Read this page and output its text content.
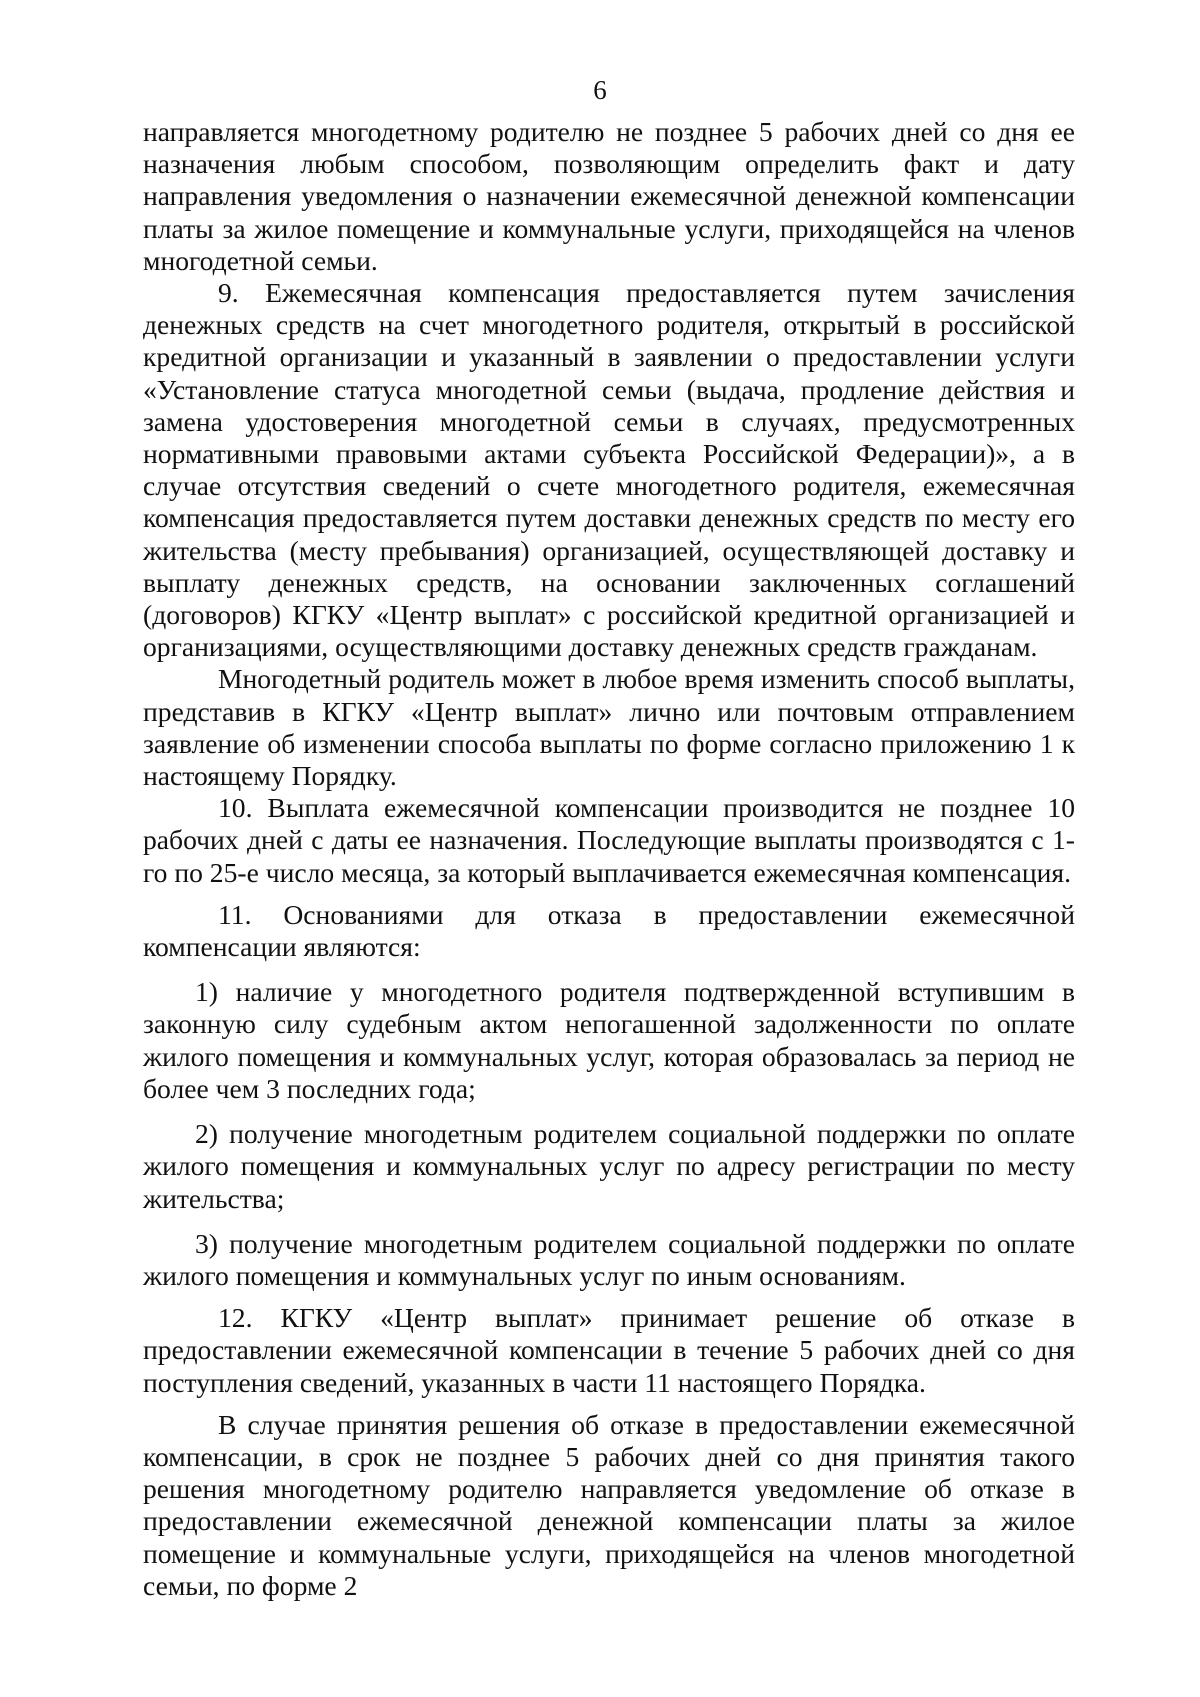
6

направляется многодетному родителю не позднее 5 рабочих дней со дня ее назначения любым способом, позволяющим определить факт и дату направления уведомления о назначении ежемесячной денежной компенсации платы за жилое помещение и коммунальные услуги, приходящейся на членов многодетной семьи.

9. Ежемесячная компенсация предоставляется путем зачисления денежных средств на счет многодетного родителя, открытый в российской кредитной организации и указанный в заявлении о предоставлении услуги «Установление статуса многодетной семьи (выдача, продление действия и замена удостоверения многодетной семьи в случаях, предусмотренных нормативными правовыми актами субъекта Российской Федерации)», а в случае отсутствия сведений о счете многодетного родителя, ежемесячная компенсация предоставляется путем доставки денежных средств по месту его жительства (месту пребывания) организацией, осуществляющей доставку и выплату денежных средств, на основании заключенных соглашений (договоров) КГКУ «Центр выплат» с российской кредитной организацией и организациями, осуществляющими доставку денежных средств гражданам.

Многодетный родитель может в любое время изменить способ выплаты, представив в КГКУ «Центр выплат» лично или почтовым отправлением заявление об изменении способа выплаты по форме согласно приложению 1 к настоящему Порядку.

10. Выплата ежемесячной компенсации производится не позднее 10 рабочих дней с даты ее назначения. Последующие выплаты производятся с 1-го по 25-е число месяца, за который выплачивается ежемесячная компенсация.

11. Основаниями для отказа в предоставлении ежемесячной компенсации являются:

1) наличие у многодетного родителя подтвержденной вступившим в законную силу судебным актом непогашенной задолженности по оплате жилого помещения и коммунальных услуг, которая образовалась за период не более чем 3 последних года;

2) получение многодетным родителем социальной поддержки по оплате жилого помещения и коммунальных услуг по адресу регистрации по месту жительства;

3) получение многодетным родителем социальной поддержки по оплате жилого помещения и коммунальных услуг по иным основаниям.

12. КГКУ «Центр выплат» принимает решение об отказе в предоставлении ежемесячной компенсации в течение 5 рабочих дней со дня поступления сведений, указанных в части 11 настоящего Порядка.

В случае принятия решения об отказе в предоставлении ежемесячной компенсации, в срок не позднее 5 рабочих дней со дня принятия такого решения многодетному родителю направляется уведомление об отказе в предоставлении ежемесячной денежной компенсации платы за жилое помещение и коммунальные услуги, приходящейся на членов многодетной семьи, по форме 2
